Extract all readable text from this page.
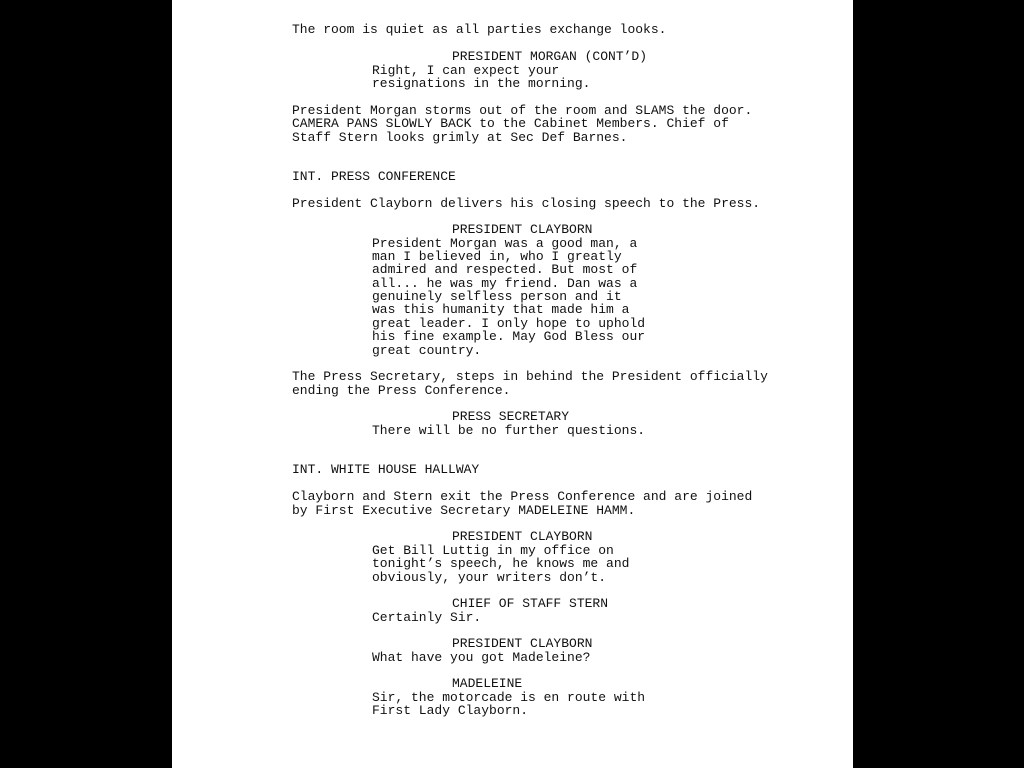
The room is quiet as all parties exchange looks.
PRESIDENT MORGAN (CONT’D)
Right, I can expect your
resignations in the morning.
President Morgan storms out of the room and SLAMS the door.
CAMERA PANS SLOWLY BACK to the Cabinet Members. Chief of
Staff Stern looks grimly at Sec Def Barnes.
INT. PRESS CONFERENCE
President Clayborn delivers his closing speech to the Press.
PRESIDENT CLAYBORN
President Morgan was a good man, a
man I believed in, who I greatly
admired and respected. But most of
all... he was my friend. Dan was a
genuinely selfless person and it
was this humanity that made him a
great leader. I only hope to uphold
his fine example. May God Bless our
great country.
The Press Secretary, steps in behind the President officially
ending the Press Conference.
PRESS SECRETARY
There will be no further questions.
INT. WHITE HOUSE HALLWAY
Clayborn and Stern exit the Press Conference and are joined
by First Executive Secretary MADELEINE HAMM.
PRESIDENT CLAYBORN
Get Bill Luttig in my office on
tonight’s speech, he knows me and
obviously, your writers don’t.
CHIEF OF STAFF STERN
Certainly Sir.
PRESIDENT CLAYBORN
What have you got Madeleine?
MADELEINE
Sir, the motorcade is en route with
First Lady Clayborn.
